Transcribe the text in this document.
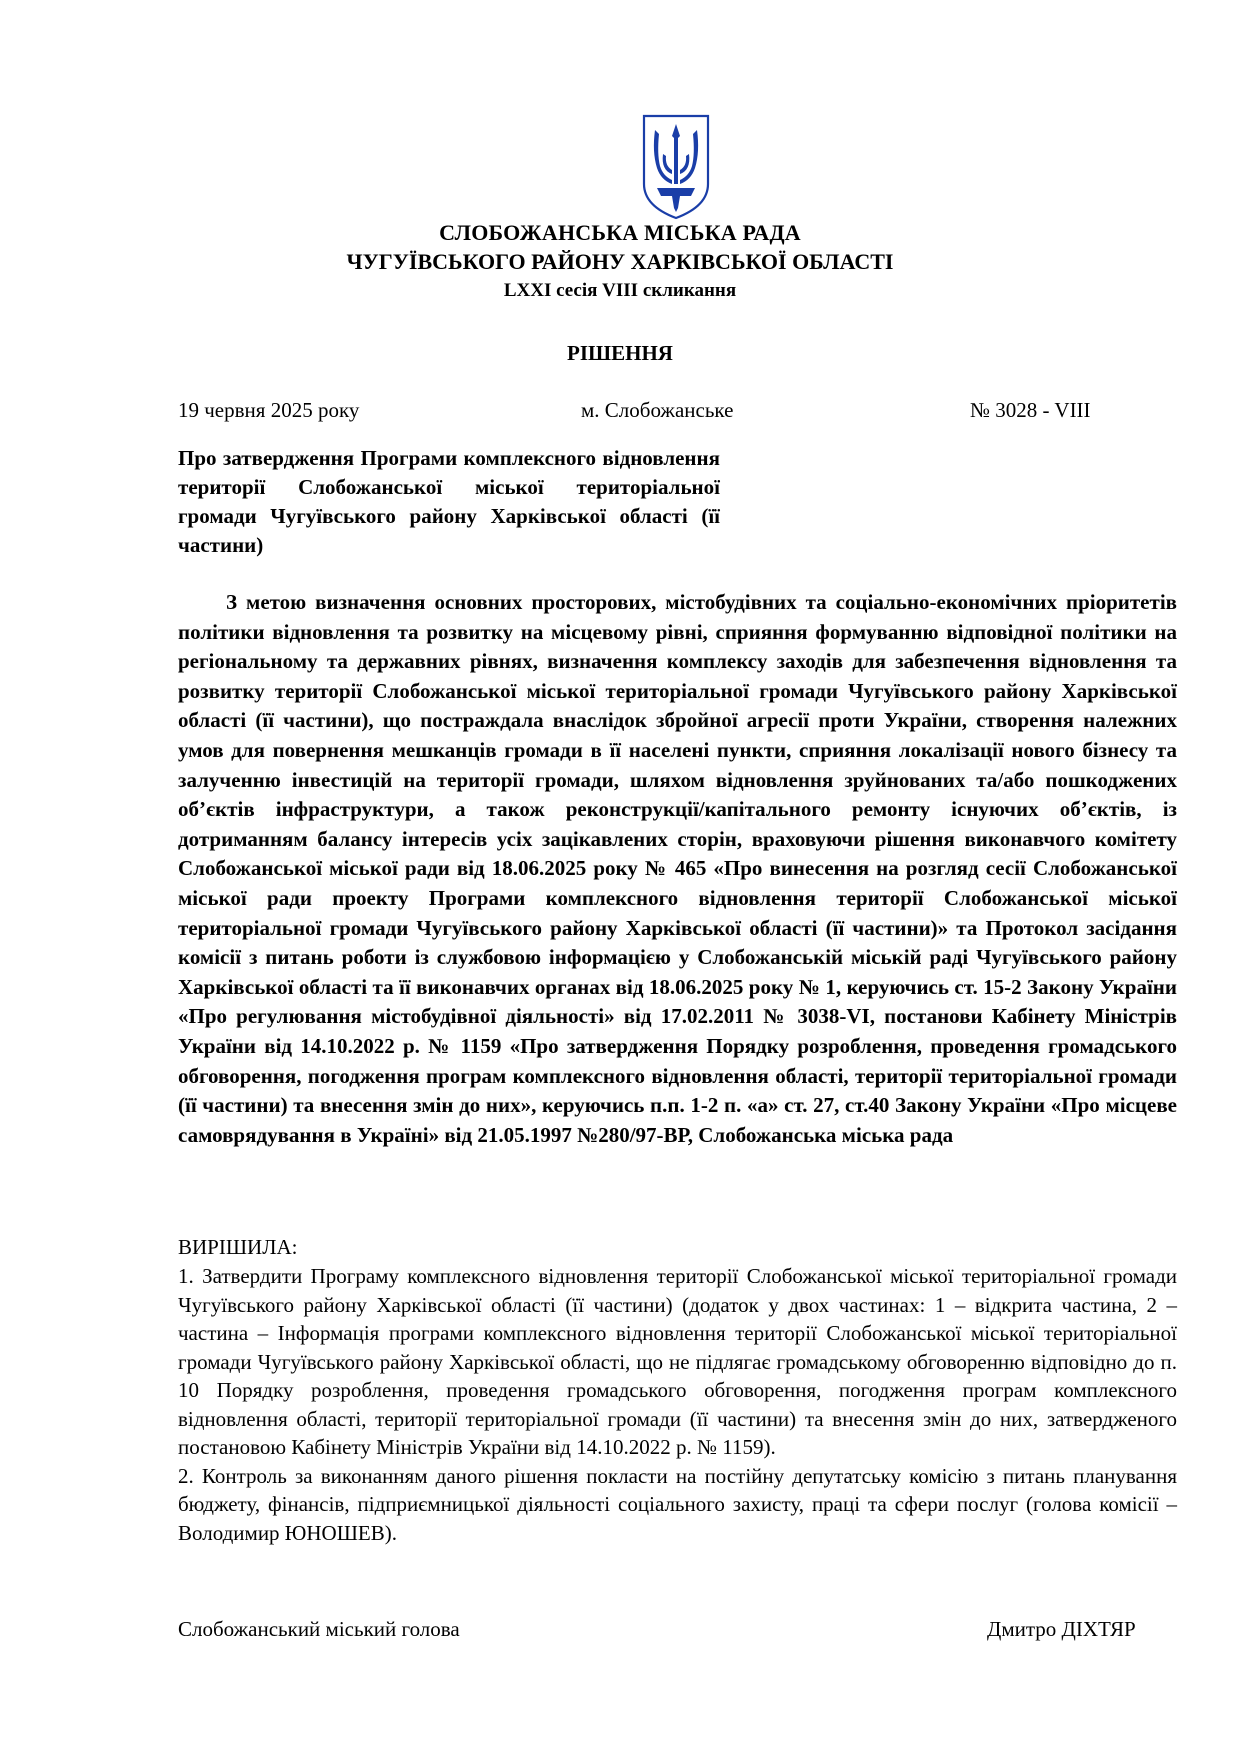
СЛОБОЖАНСЬКА МІСЬКА РАДА
ЧУГУЇВСЬКОГО РАЙОНУ ХАРКІВСЬКОЇ ОБЛАСТІ
LXXI сесія VIII скликання
РІШЕННЯ
19 червня 2025 року	м. Слобожанське	№ 3028 - VIII
Про затвердження Програми комплексного відновлення території Слобожанської міської територіальної громади Чугуївського району Харківської області (її частини)
З метою визначення основних просторових, містобудівних та соціально-економічних пріоритетів політики відновлення та розвитку на місцевому рівні, сприяння формуванню відповідної політики на регіональному та державних рівнях, визначення комплексу заходів для забезпечення відновлення та розвитку території Слобожанської міської територіальної громади Чугуївського району Харківської області (її частини), що постраждала внаслідок збройної агресії проти України, створення належних умов для повернення мешканців громади в її населені пункти, сприяння локалізації нового бізнесу та залученню інвестицій на території громади, шляхом відновлення зруйнованих та/або пошкоджених об’єктів інфраструктури, а також реконструкції/капітального ремонту існуючих об’єктів, із дотриманням балансу інтересів усіх зацікавлених сторін, враховуючи рішення виконавчого комітету Слобожанської міської ради від 18.06.2025 року № 465 «Про винесення на розгляд сесії Слобожанської міської ради проекту Програми комплексного відновлення території Слобожанської міської територіальної громади Чугуївського району Харківської області (її частини)» та Протокол засідання комісії з питань роботи із службовою інформацією у Слобожанській міській раді Чугуївського району Харківської області та її виконавчих органах від 18.06.2025 року № 1, керуючись ст. 15-2 Закону України «Про регулювання містобудівної діяльності» від 17.02.2011 № 3038-VI, постанови Кабінету Міністрів України від 14.10.2022 р. № 1159 «Про затвердження Порядку розроблення, проведення громадського обговорення, погодження програм комплексного відновлення області, території територіальної громади (її частини) та внесення змін до них», керуючись п.п. 1-2 п. «а» ст. 27, ст.40 Закону України «Про місцеве самоврядування в Україні» від 21.05.1997 №280/97-ВР, Слобожанська міська рада
ВИРІШИЛА:

1. Затвердити Програму комплексного відновлення території Слобожанської міської територіальної громади Чугуївського району Харківської області (її частини) (додаток у двох частинах: 1 – відкрита частина, 2 – частина – Інформація програми комплексного відновлення території Слобожанської міської територіальної громади Чугуївського району Харківської області, що не підлягає громадському обговоренню відповідно до п. 10 Порядку розроблення, проведення громадського обговорення, погодження програм комплексного відновлення області, території територіальної громади (її частини) та внесення змін до них, затвердженого постановою Кабінету Міністрів України від 14.10.2022 р. № 1159).

2. Контроль за виконанням даного рішення покласти на постійну депутатську комісію з питань планування бюджету, фінансів, підприємницької діяльності соціального захисту, праці та сфери послуг (голова комісії – Володимир ЮНОШЕВ).

Слобожанський міський голова	Дмитро ДІХТЯР
